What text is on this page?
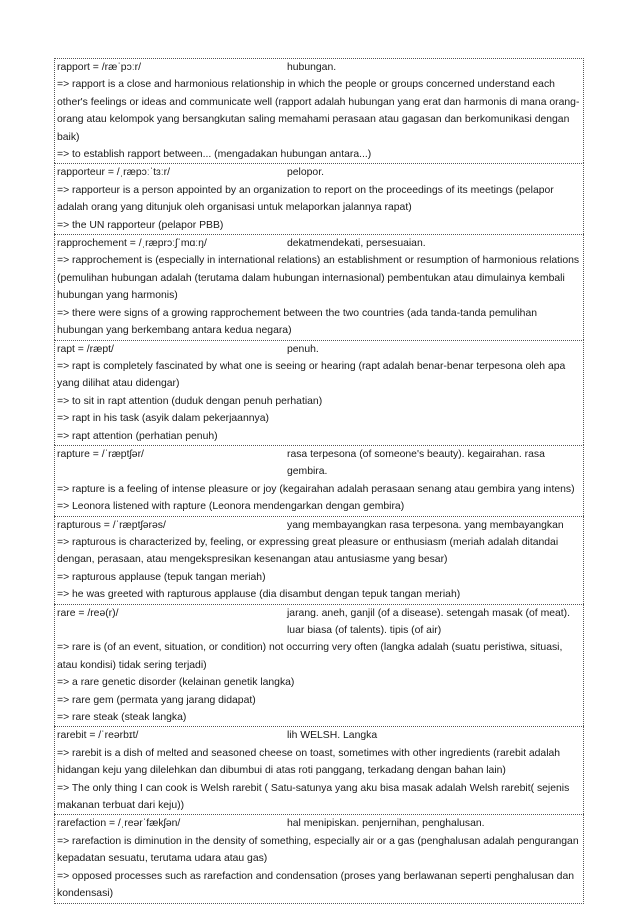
rapport = /ræˈpɔːr/	hubungan.
=> rapport is a close and harmonious relationship in which the people or groups concerned understand each other's feelings or ideas and communicate well (rapport adalah hubungan yang erat dan harmonis di mana orang-orang atau kelompok yang bersangkutan saling memahami perasaan atau gagasan dan berkomunikasi dengan baik)
=> to establish rapport between... (mengadakan hubungan antara...)
rapporteur = /ˌræpɔːˈtɜːr/	pelopor.
=> rapporteur is a person appointed by an organization to report on the proceedings of its meetings (pelapor adalah orang yang ditunjuk oleh organisasi untuk melaporkan jalannya rapat)
=> the UN rapporteur (pelapor PBB)
rapprochement = /ˌræprɔːʃˈmɑːŋ/	dekatmendekati, persesuaian.
=> rapprochement is (especially in international relations) an establishment or resumption of harmonious relations (pemulihan hubungan adalah (terutama dalam hubungan internasional) pembentukan atau dimulainya kembali hubungan yang harmonis)
=> there were signs of a growing rapprochement between the two countries (ada tanda-tanda pemulihan hubungan yang berkembang antara kedua negara)
rapt = /ræpt/	penuh.
=> rapt is completely fascinated by what one is seeing or hearing (rapt adalah benar-benar terpesona oleh apa yang dilihat atau didengar)
=> to sit in rapt attention (duduk dengan penuh perhatian)
=> rapt in his task (asyik dalam pekerjaannya)
=> rapt attention (perhatian penuh)
rapture = /ˈræptʃər/	rasa terpesona (of someone's beauty). kegairahan. rasa gembira.
=> rapture is a feeling of intense pleasure or joy (kegairahan adalah perasaan senang atau gembira yang intens)
=> Leonora listened with rapture (Leonora mendengarkan dengan gembira)
rapturous = /ˈræptʃərəs/	yang membayangkan rasa terpesona. yang membayangkan
=> rapturous is characterized by, feeling, or expressing great pleasure or enthusiasm (meriah adalah ditandai dengan, perasaan, atau mengekspresikan kesenangan atau antusiasme yang besar)
=> rapturous applause (tepuk tangan meriah)
=> he was greeted with rapturous applause (dia disambut dengan tepuk tangan meriah)
rare = /reə(r)/	jarang. aneh, ganjil (of a disease). setengah masak (of meat). luar biasa (of talents). tipis (of air)
=> rare is (of an event, situation, or condition) not occurring very often (langka adalah (suatu peristiwa, situasi, atau kondisi) tidak sering terjadi)
=> a rare genetic disorder (kelainan genetik langka)
=> rare gem (permata yang jarang didapat)
=> rare steak (steak langka)
rarebit = /ˈreərbɪt/	lih WELSH. Langka
=> rarebit is a dish of melted and seasoned cheese on toast, sometimes with other ingredients (rarebit adalah hidangan keju yang dilelehkan dan dibumbui di atas roti panggang, terkadang dengan bahan lain)
=> The only thing I can cook is Welsh rarebit ( Satu-satunya yang aku bisa masak adalah Welsh rarebit( sejenis makanan terbuat dari keju))
rarefaction = /ˌreərˈfækʃən/	hal menipiskan. penjernihan, penghalusan.
=> rarefaction is diminution in the density of something, especially air or a gas (penghalusan adalah pengurangan kepadatan sesuatu, terutama udara atau gas)
=> opposed processes such as rarefaction and condensation (proses yang berlawanan seperti penghalusan dan kondensasi)
